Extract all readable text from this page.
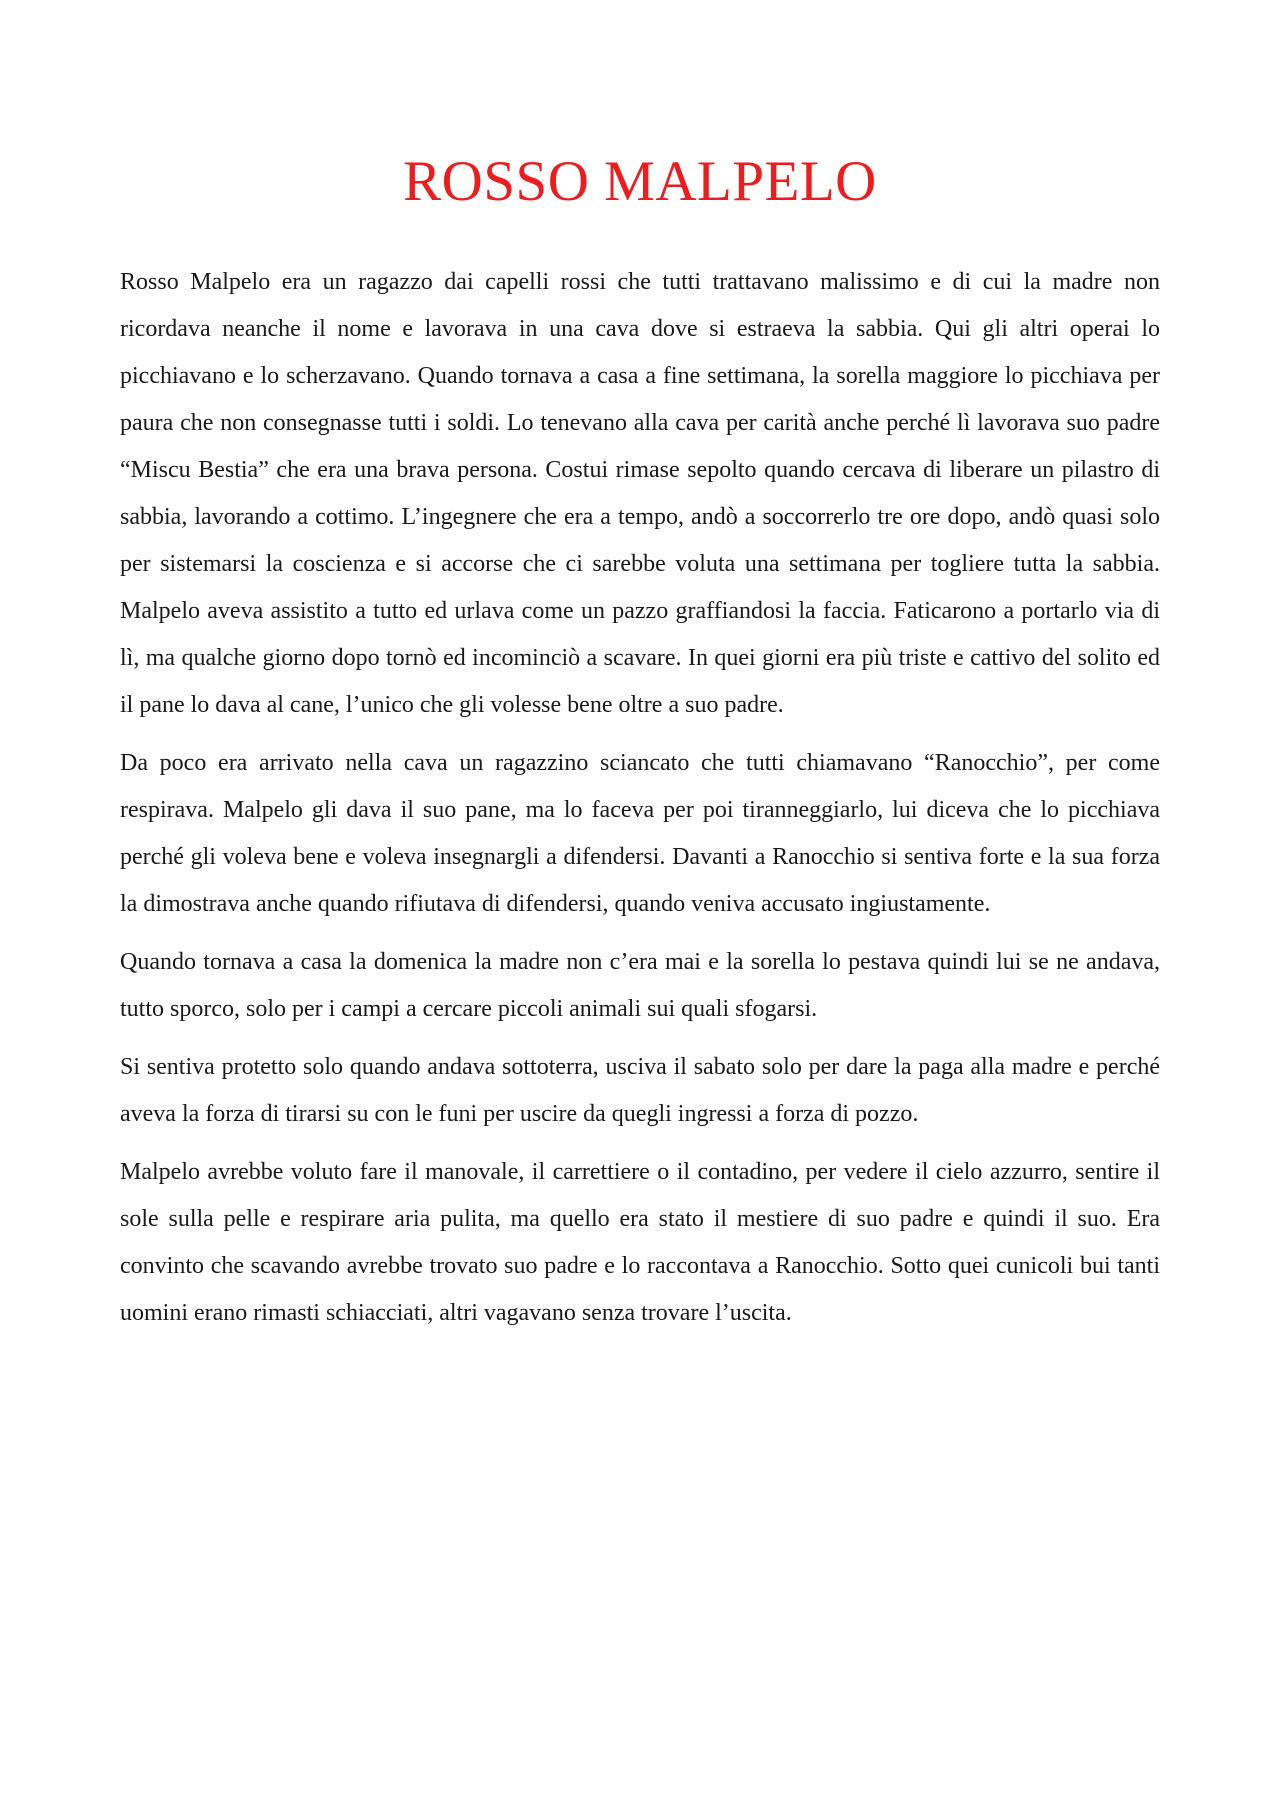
ROSSO MALPELO

Rosso Malpelo era un ragazzo dai capelli rossi che tutti trattavano malissimo e di cui la madre non ricordava neanche il nome e lavorava in una cava dove si estraeva la sabbia. Qui gli altri operai lo picchiavano e lo scherzavano. Quando tornava a casa a fine settimana, la sorella maggiore lo picchiava per paura che non consegnasse tutti i soldi. Lo tenevano alla cava per carità anche perché lì lavorava suo padre “Miscu Bestia” che era una brava persona. Costui rimase sepolto quando cercava di liberare un pilastro di sabbia, lavorando a cottimo. L’ingegnere che era a tempo, andò a soccorrerlo tre ore dopo, andò quasi solo per sistemarsi la coscienza e si accorse che ci sarebbe voluta una settimana per togliere tutta la sabbia. Malpelo aveva assistito a tutto ed urlava come un pazzo graffiandosi la faccia. Faticarono a portarlo via di lì, ma qualche giorno dopo tornò ed incominciò a scavare. In quei giorni era più triste e cattivo del solito ed il pane lo dava al cane, l’unico che gli volesse bene oltre a suo padre.

Da poco era arrivato nella cava un ragazzino sciancato che tutti chiamavano “Ranocchio”, per come respirava. Malpelo gli dava il suo pane, ma lo faceva per poi tiranneggiarlo, lui diceva che lo picchiava perché gli voleva bene e voleva insegnargli a difendersi. Davanti a Ranocchio si sentiva forte e la sua forza la dimostrava anche quando rifiutava di difendersi, quando veniva accusato ingiustamente.

Quando tornava a casa la domenica la madre non c’era mai e la sorella lo pestava quindi lui se ne andava, tutto sporco, solo per i campi a cercare piccoli animali sui quali sfogarsi.

Si sentiva protetto solo quando andava sottoterra, usciva il sabato solo per dare la paga alla madre e perché aveva la forza di tirarsi su con le funi per uscire da quegli ingressi a forza di pozzo.

Malpelo avrebbe voluto fare il manovale, il carrettiere o il contadino, per vedere il cielo azzurro, sentire il sole sulla pelle e respirare aria pulita, ma quello era stato il mestiere di suo padre e quindi il suo. Era convinto che scavando avrebbe trovato suo padre e lo raccontava a Ranocchio. Sotto quei cunicoli bui tanti uomini erano rimasti schiacciati, altri vagavano senza trovare l’uscita.
